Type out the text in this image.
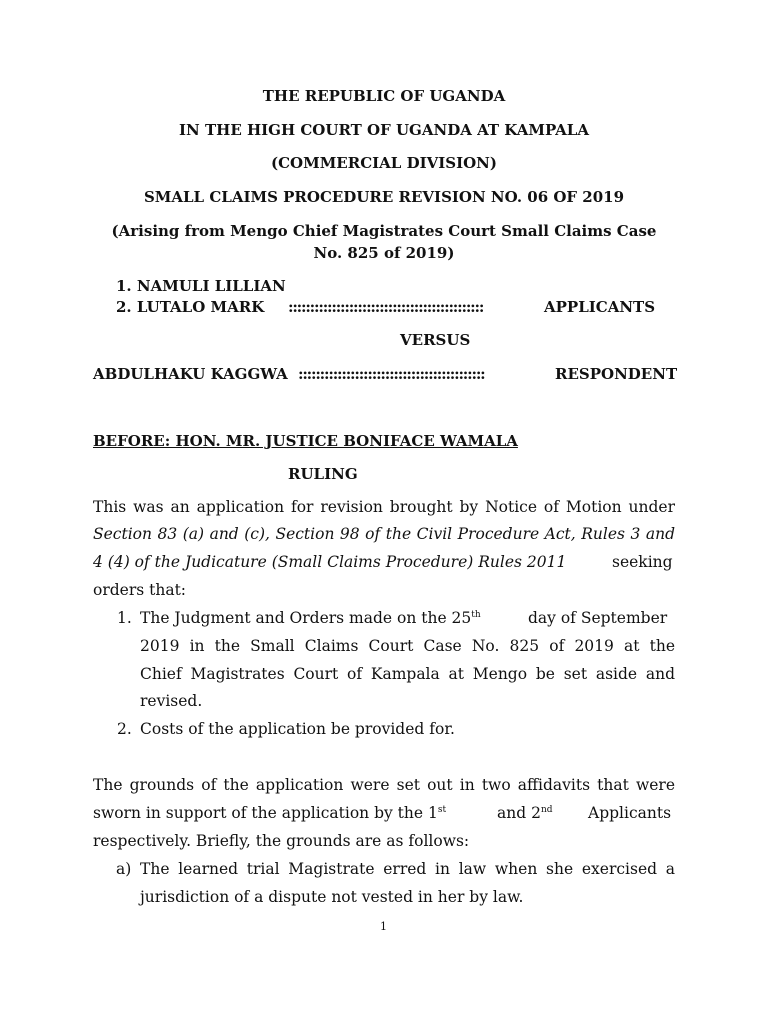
THE REPUBLIC OF UGANDA
IN THE HIGH COURT OF UGANDA AT KAMPALA
(COMMERCIAL DIVISION)
SMALL CLAIMS PROCEDURE REVISION NO. 06 OF 2019
(Arising from Mengo Chief Magistrates Court Small Claims Case
No. 825 of 2019)
1. NAMULI LILLIAN
2. LUTALO MARK :::::::::::::::::::::::::::::::::::::::::::::	APPLICANTS
VERSUS
ABDULHAKU KAGGWA :::::::::::::::::::::::::::::::::::::::::::	RESPONDENT
BEFORE: HON. MR. JUSTICE BONIFACE WAMALA
RULING
This was an application for revision brought by Notice of Motion under
Section 83 (a) and (c), Section 98 of the Civil Procedure Act, Rules 3 and
4 (4) of the Judicature (Small Claims Procedure) Rules 2011	seeking
orders that:
1. The Judgment and Orders made on the 25th	day of September
2019 in the Small Claims Court Case No. 825 of 2019 at the
Chief Magistrates Court of Kampala at Mengo be set aside and
revised.
2. Costs of the application be provided for.
The grounds of the application were set out in two affidavits that were
sworn in support of the application by the 1st	and 2nd Applicants
respectively. Briefly, the grounds are as follows:
a) The learned trial Magistrate erred in law when she exercised a
jurisdiction of a dispute not vested in her by law.
1
